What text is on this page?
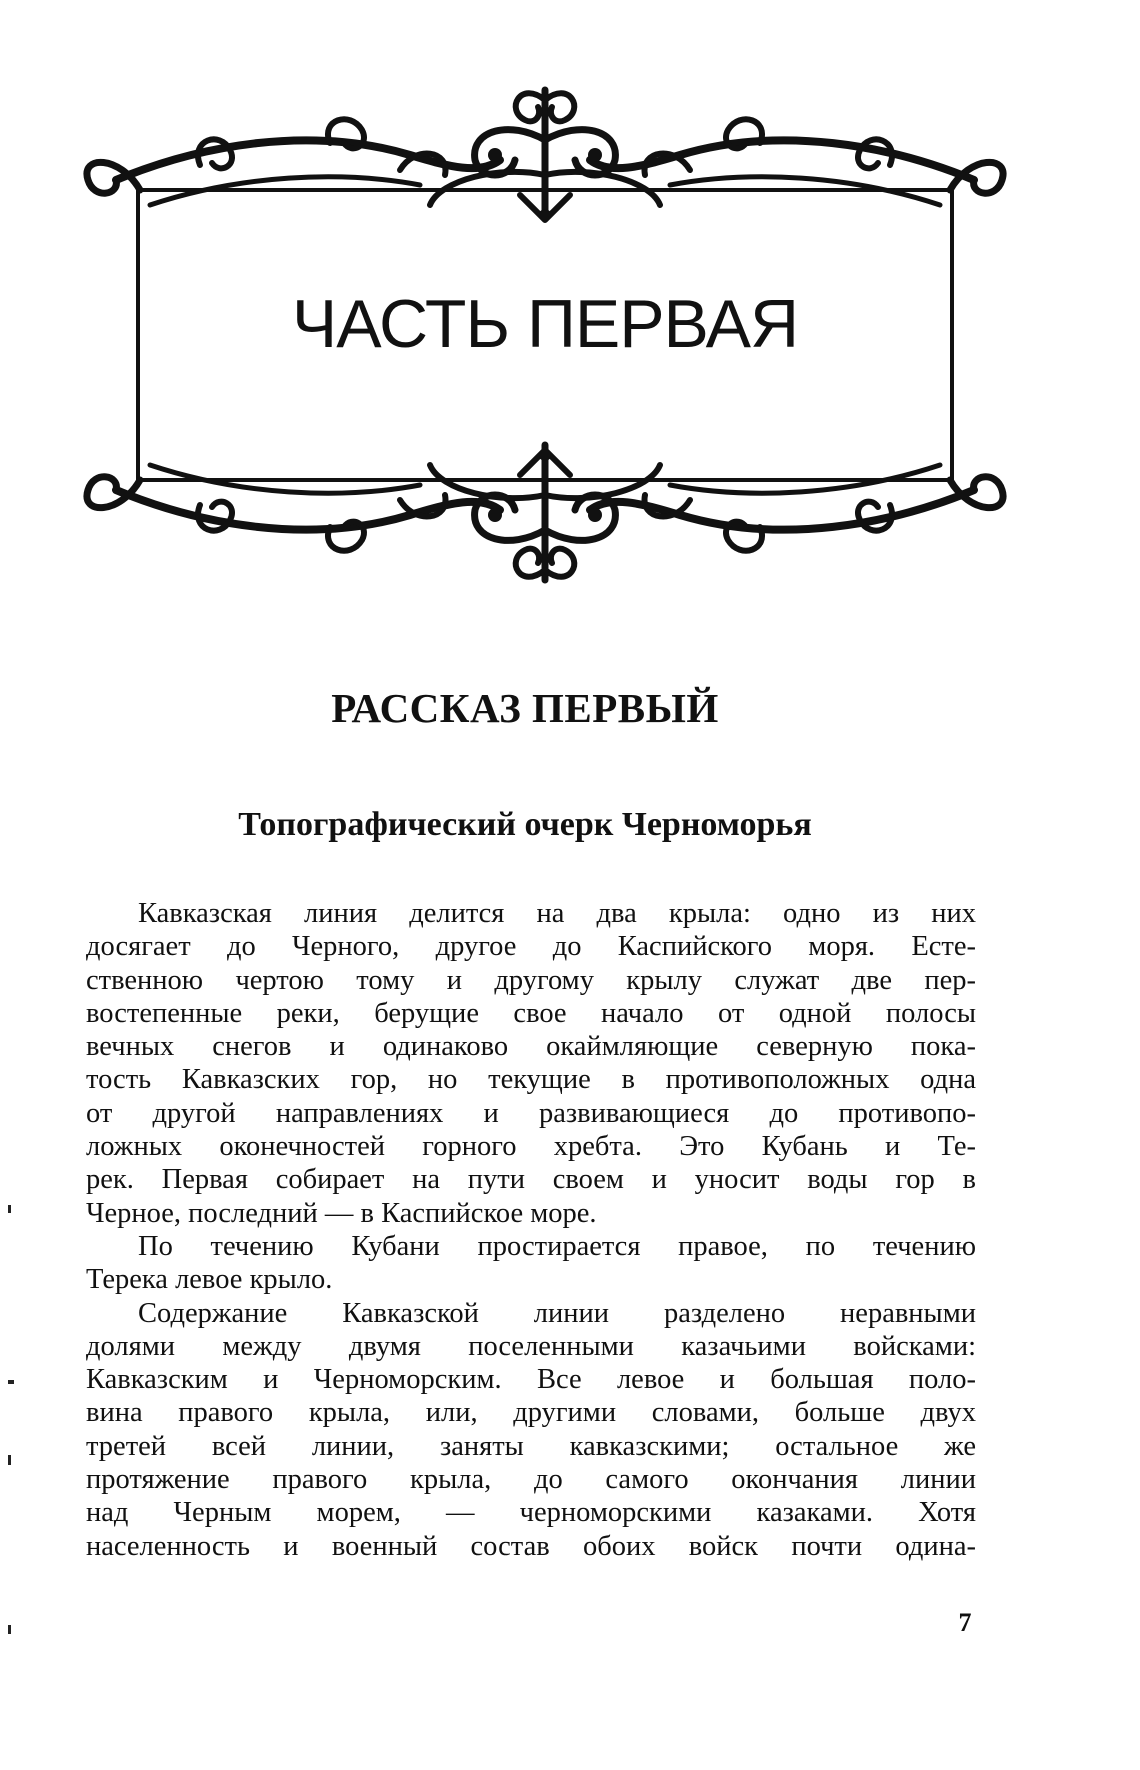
ЧАСТЬ ПЕРВАЯ
РАССКАЗ ПЕРВЫЙ
Топографический очерк Черноморья
Кавказская линия делится на два крыла: одно из них
досягает до Черного, другое до Каспийского моря. Есте-
ственною чертою тому и другому крылу служат две пер-
востепенные реки, берущие свое начало от одной полосы
вечных снегов и одинаково окаймляющие северную пока-
тость Кавказских гор, но текущие в противоположных одна
от другой направлениях и развивающиеся до противопо-
ложных оконечностей горного хребта. Это Кубань и Те-
рек. Первая собирает на пути своем и уносит воды гор в
Черное, последний — в Каспийское море.
По течению Кубани простирается правое, по течению
Терека левое крыло.
Содержание Кавказской линии разделено неравными
долями между двумя поселенными казачьими войсками:
Кавказским и Черноморским. Все левое и большая поло-
вина правого крыла, или, другими словами, больше двух
третей всей линии, заняты кавказскими; остальное же
протяжение правого крыла, до самого окончания линии
над Черным морем, — черноморскими казаками. Хотя
населенность и военный состав обоих войск почти одина-
7
